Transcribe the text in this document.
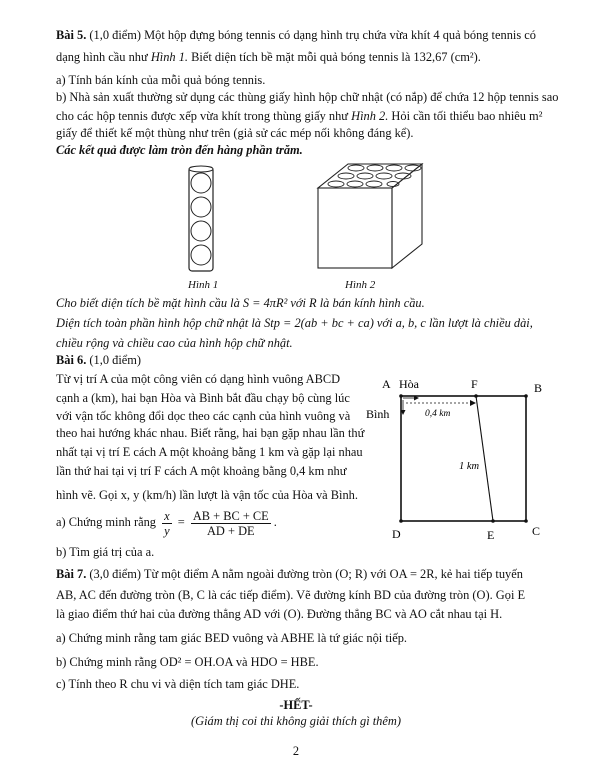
Bài 5. (1,0 điểm) Một hộp đựng bóng tennis có dạng hình trụ chứa vừa khít 4 quả bóng tennis có
dạng hình cầu như Hình 1. Biết diện tích bề mặt mỗi quả bóng tennis là 132,67 (cm²).
a) Tính bán kính của mỗi quả bóng tennis.
b) Nhà sản xuất thường sử dụng các thùng giấy hình hộp chữ nhật (có nắp) để chứa 12 hộp tennis sao
cho các hộp tennis được xếp vừa khít trong thùng giấy như Hình 2. Hỏi cần tối thiểu bao nhiêu m²
giấy để thiết kế một thùng như trên (giả sử các mép nối không đáng kể).
Các kết quả được làm tròn đến hàng phần trăm.
Hình 1	Hình 2
Cho biết diện tích bề mặt hình cầu là S = 4πR² với R là bán kính hình cầu.
Diện tích toàn phần hình hộp chữ nhật là Stp = 2(ab + bc + ca) với a, b, c lần lượt là chiều dài,
chiều rộng và chiều cao của hình hộp chữ nhật.
Bài 6. (1,0 điểm)
Từ vị trí A của một công viên có dạng hình vuông ABCD
cạnh a (km), hai bạn Hòa và Bình bắt đầu chạy bộ cùng lúc
với vận tốc không đổi dọc theo các cạnh của hình vuông và
theo hai hướng khác nhau. Biết rằng, hai bạn gặp nhau lần thứ
nhất tại vị trí E cách A một khoảng bằng 1 km và gặp lại nhau
lần thứ hai tại vị trí F cách A một khoảng bằng 0,4 km như
hình vẽ. Gọi x, y (km/h) lần lượt là vận tốc của Hòa và Bình.
a) Chứng minh rằng $\frac{x}{y} = \frac{AB + BC + CE}{AD + DE}$ .
b) Tìm giá trị của a.
A Hòa	F	B
Bình
C
D	E
0,4 km
1 km
Bài 7. (3,0 điểm) Từ một điểm A nằm ngoài đường tròn (O; R) với OA = 2R, kẻ hai tiếp tuyến
AB, AC đến đường tròn (B, C là các tiếp điểm). Vẽ đường kính BD của đường tròn (O). Gọi E
là giao điểm thứ hai của đường thẳng AD với (O). Đường thẳng BC và AO cắt nhau tại H.
a) Chứng minh rằng tam giác BED vuông và ABHE là tứ giác nội tiếp.
b) Chứng minh rằng OD² = OH.OA và HDO = HBE.
c) Tính theo R chu vi và diện tích tam giác DHE.
-HẾT-
(Giám thị coi thi không giải thích gì thêm)
2
